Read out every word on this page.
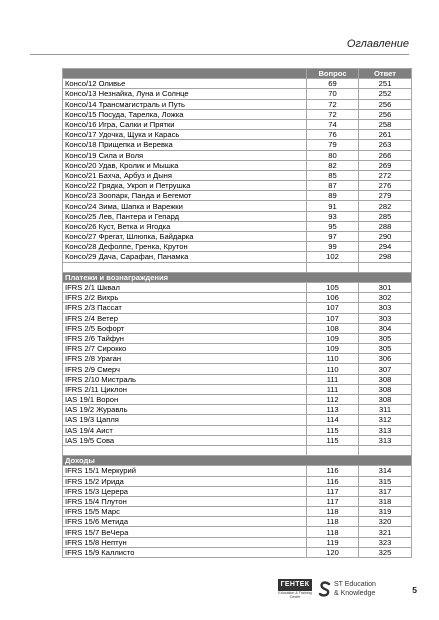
Оглавление
	Вопрос	Ответ
Консо/12 Оливье	69	251
Консо/13 Незнайка, Луна и Солнце	70	252
Консо/14 Трансмагистраль и Путь	72	256
Консо/15 Посуда, Тарелка, Ложка	72	256
Консо/16 Игра, Салки и Прятки	74	258
Консо/17 Удочка, Щука и Карась	76	261
Консо/18 Прищепка и Веревка	79	263
Консо/19 Сила и Воля	80	266
Консо/20 Удав, Кролик и Мышка	82	269
Консо/21 Бахча, Арбуз и Дыня	85	272
Консо/22 Грядка, Укроп и Петрушка	87	276
Консо/23 Зоопарк, Панда и Бегемот	89	279
Консо/24 Зима, Шапка и Варежки	91	282
Консо/25 Лев, Пантера и Гепард	93	285
Консо/26 Куст, Ветка и Ягодка	95	288
Консо/27 Фрегат, Шлюпка, Байдарка	97	290
Консо/28 Дефолпе, Гренка, Крутон	99	294
Консо/29 Дача, Сарафан, Панамка	102	298

Платежи и вознаграждения		
IFRS 2/1 Шквал	105	301
IFRS 2/2 Вихрь	106	302
IFRS 2/3 Пассат	107	303
IFRS 2/4 Ветер	107	303
IFRS 2/5 Бофорт	108	304
IFRS 2/6 Тайфун	109	305
IFRS 2/7 Сирокко	109	305
IFRS 2/8 Ураган	110	306
IFRS 2/9 Смерч	110	307
IFRS 2/10 Мистраль	111	308
IFRS 2/11 Циклон	111	308
IAS 19/1 Ворон	112	308
IAS 19/2 Журавль	113	311
IAS 19/3 Цапля	114	312
IAS 19/4 Аист	115	313
IAS 19/5 Сова	115	313

Доходы		
IFRS 15/1 Меркурий	116	314
IFRS 15/2 Ирида	116	315
IFRS 15/3 Церера	117	317
IFRS 15/4 Плутон	117	318
IFRS 15/5 Марс	118	319
IFRS 15/6 Метида	118	320
IFRS 15/7 ВеЧера	118	321
IFRS 15/8 Нептун	119	323
IFRS 15/9 Каллисто	120	325
ГЕНТЕК
Education & Training Center
ST Education
& Knowledge	5
